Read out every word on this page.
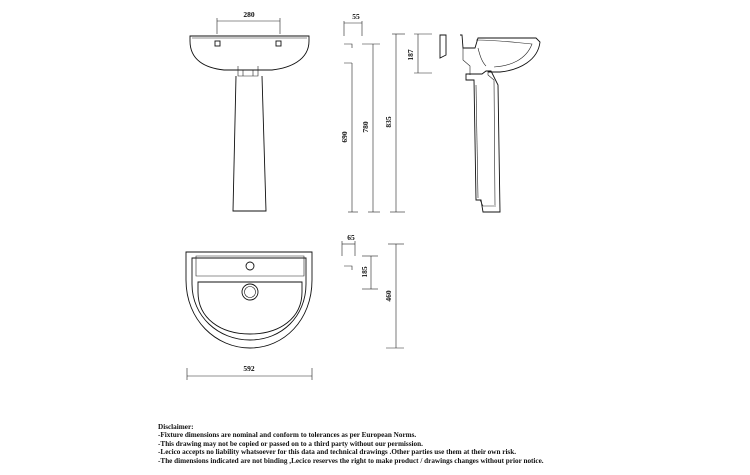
280	55
690
780 835
187
592
65
185
460
Disclaimer:
-Fixture dimensions are nominal and conform to tolerances as per European Norms.
-This drawing may not be copied or passed on to a third party without our permission.
-Lecico accepts no liability whatsoever for this data and technical drawings .Other parties use them at their own risk.
-The dimensions indicated are not binding ,Lecico reserves the right to make product / drawings changes without prior notice.
